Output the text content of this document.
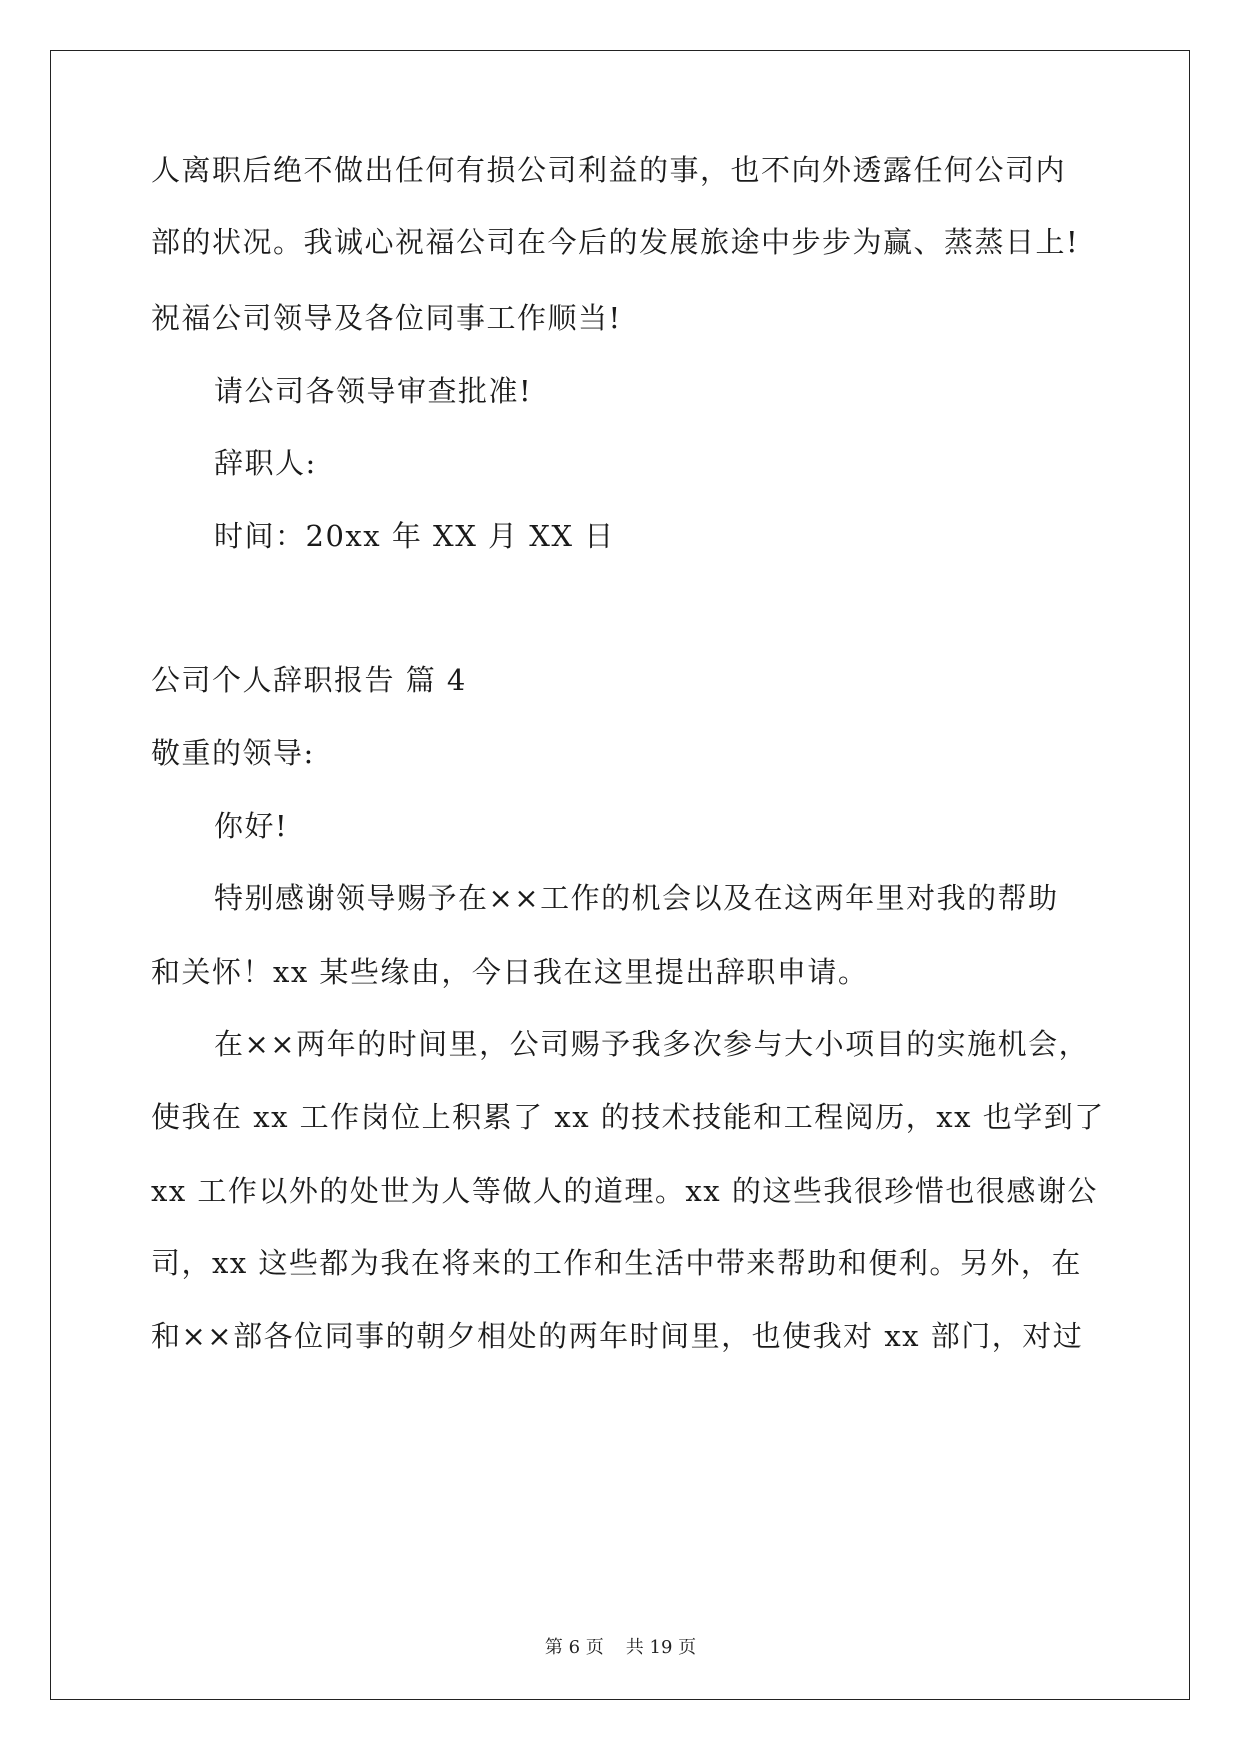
人离职后绝不做出任何有损公司利益的事，也不向外透露任何公司内
部的状况。我诚心祝福公司在今后的发展旅途中步步为赢、蒸蒸日上!
祝福公司领导及各位同事工作顺当!
请公司各领导审查批准!
辞职人:
时间：20xx 年 XX 月 XX 日
公司个人辞职报告 篇 4
敬重的领导:
你好!
特别感谢领导赐予在××工作的机会以及在这两年里对我的帮助
和关怀！xx 某些缘由，今日我在这里提出辞职申请。
在××两年的时间里，公司赐予我多次参与大小项目的实施机会，
使我在 xx 工作岗位上积累了 xx 的技术技能和工程阅历，xx 也学到了
xx 工作以外的处世为人等做人的道理。xx 的这些我很珍惜也很感谢公
司，xx 这些都为我在将来的工作和生活中带来帮助和便利。另外，在
和××部各位同事的朝夕相处的两年时间里，也使我对 xx 部门，对过
第 6 页 共 19 页
